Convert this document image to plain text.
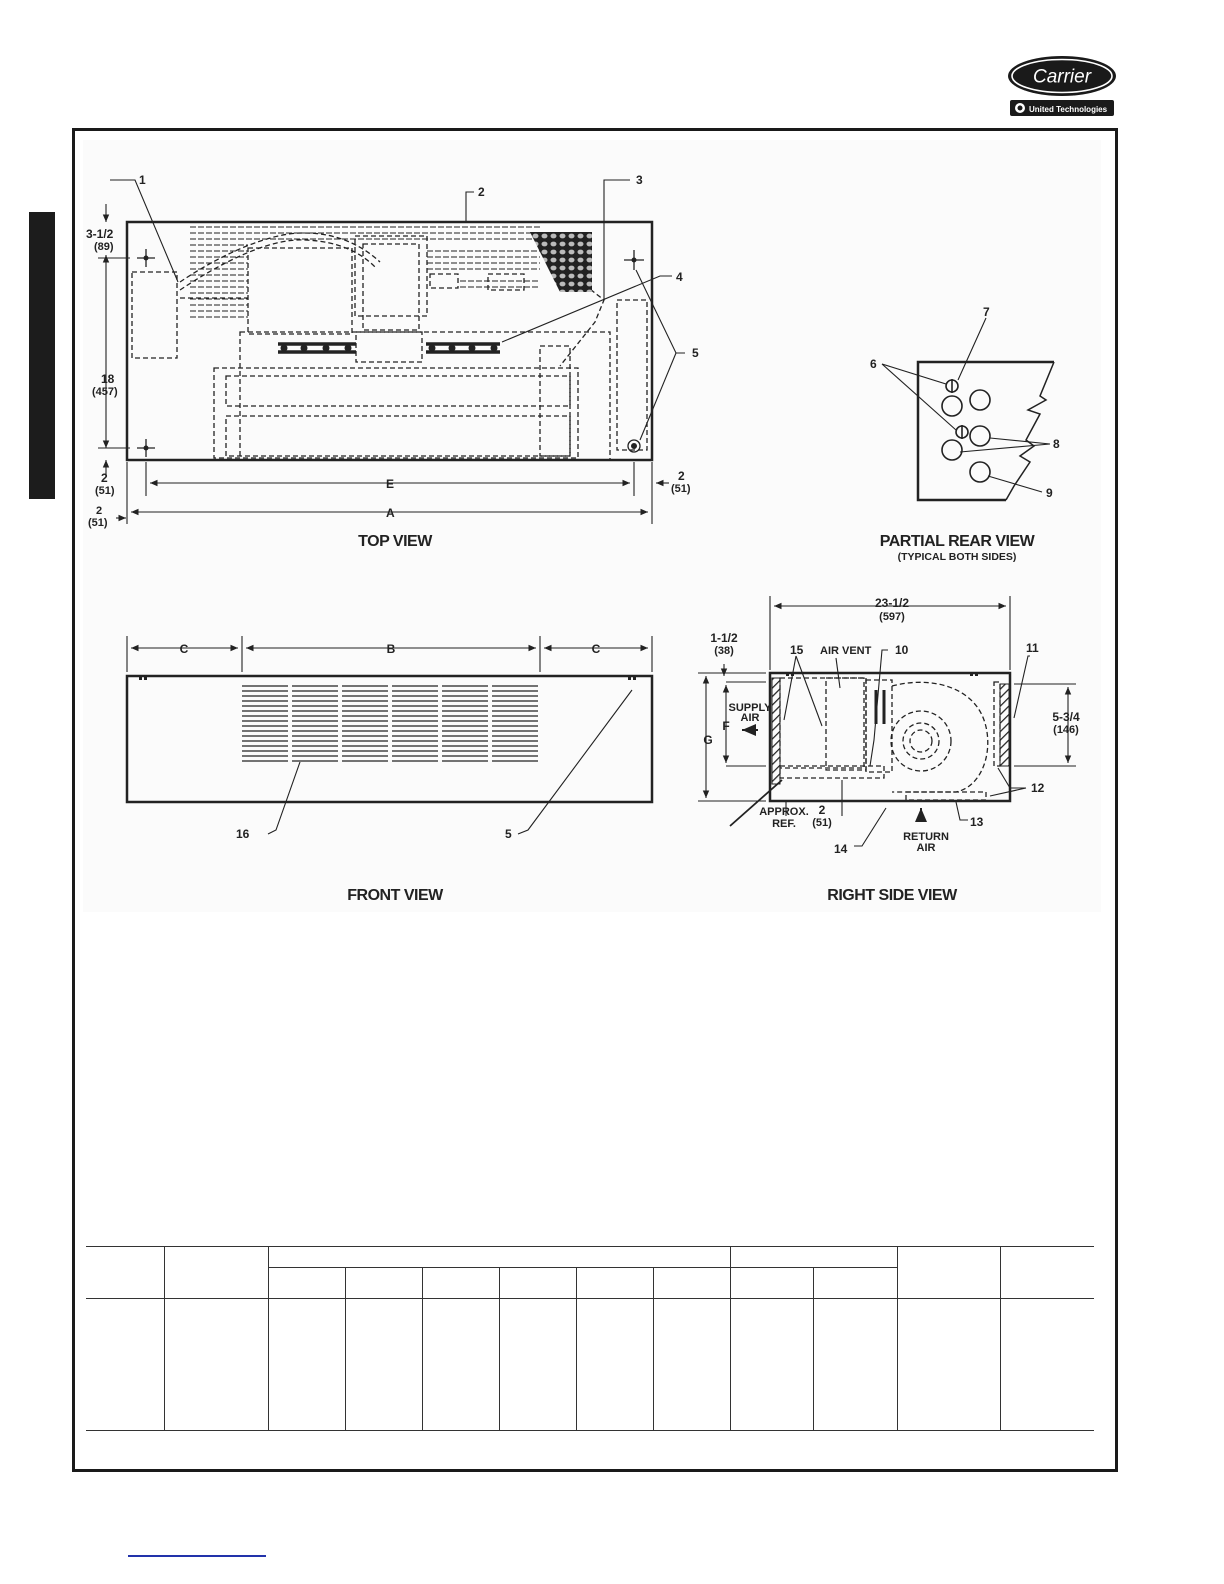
Carrier
United Technologies
1
2
3
4
5
3-1/2
(89)
18
(457)
2
(51)
2
(51)
2
(51)
E
A
TOP VIEW
7
6
8
9
PARTIAL REAR VIEW
(TYPICAL BOTH SIDES)
C	B	C
16	5
FRONT VIEW
23-1/2
(597)
1-1/2
(38)
F
G
5-3/4
(146)
2
(51)
AIR VENT
SUPPLY
AIR
APPROX.
REF.
RETURN
AIR
15	10	11
12
13
14
RIGHT SIDE VIEW
